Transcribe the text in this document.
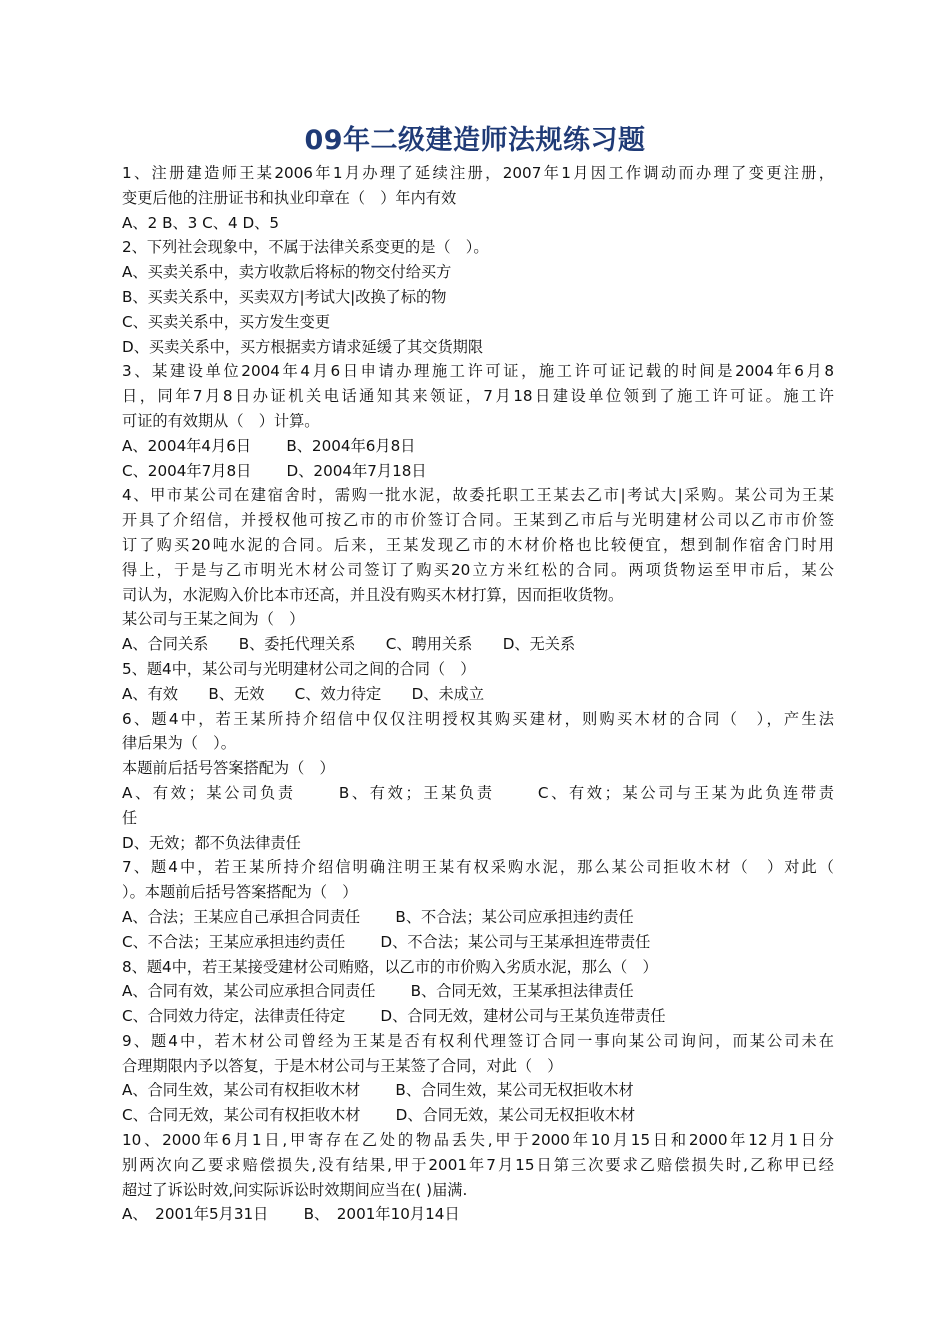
09年二级建造师法规练习题
1、注册建造师王某2006年1月办理了延续注册，2007年1月因工作调动而办理了变更注册，
变更后他的注册证书和执业印章在（　）年内有效
A、2 B、3 C、4 D、5
2、下列社会现象中，不属于法律关系变更的是（　）。
A、买卖关系中，卖方收款后将标的物交付给买方
B、买卖关系中，买卖双方|考试大|改换了标的物
C、买卖关系中，买方发生变更
D、买卖关系中，买方根据卖方请求延缓了其交货期限
3、某建设单位2004年4月6日申请办理施工许可证，施工许可证记载的时间是2004年6月8
日，同年7月8日办证机关电话通知其来领证，7月18日建设单位领到了施工许可证。施工许
可证的有效期从（　）计算。
A、2004年4月6日　　 B、2004年6月8日
C、2004年7月8日　　 D、2004年7月18日
4、甲市某公司在建宿舍时，需购一批水泥，故委托职工王某去乙市|考试大|采购。某公司为王某
开具了介绍信，并授权他可按乙市的市价签订合同。王某到乙市后与光明建材公司以乙市市价签
订了购买20吨水泥的合同。后来，王某发现乙市的木材价格也比较便宜，想到制作宿舍门时用
得上，于是与乙市明光木材公司签订了购买20立方米红松的合同。两项货物运至甲市后，某公
司认为，水泥购入价比本市还高，并且没有购买木材打算，因而拒收货物。
某公司与王某之间为（　）
A、合同关系　　B、委托代理关系　　C、聘用关系　　D、无关系
5、题4中，某公司与光明建材公司之间的合同（　）
A、有效　　B、无效　　C、效力待定　　D、未成立
6、题4中，若王某所持介绍信中仅仅注明授权其购买建材，则购买木材的合同（　），产生法
律后果为（　）。
本题前后括号答案搭配为（　）
A、有效；某公司负责　　 B、有效；王某负责　　 C、有效；某公司与王某为此负连带责
任
D、无效；都不负法律责任
7、题4中，若王某所持介绍信明确注明王某有权采购水泥，那么某公司拒收木材（　）对此（
）。本题前后括号答案搭配为（　）
A、合法；王某应自己承担合同责任　　 B、不合法；某公司应承担违约责任
C、不合法；王某应承担违约责任　　 D、不合法；某公司与王某承担连带责任
8、题4中，若王某接受建材公司贿赂，以乙市的市价购入劣质水泥，那么（　）
A、合同有效，某公司应承担合同责任　　 B、合同无效，王某承担法律责任
C、合同效力待定，法律责任待定　　 D、合同无效，建材公司与王某负连带责任
9、题4中，若木材公司曾经为王某是否有权利代理签订合同一事向某公司询问，而某公司未在
合理期限内予以答复，于是木材公司与王某签了合同，对此（　）
A、合同生效，某公司有权拒收木材　　 B、合同生效，某公司无权拒收木材
C、合同无效，某公司有权拒收木材　　 D、合同无效，某公司无权拒收木材
10、2000年6月1日,甲寄存在乙处的物品丢失,甲于2000年10月15日和2000年12月1日分
别两次向乙要求赔偿损失,没有结果,甲于2001年7月15日第三次要求乙赔偿损失时,乙称甲已经
超过了诉讼时效,问实际诉讼时效期间应当在( )届满.
A、　2001年5月31日　　 B、　2001年10月14日
